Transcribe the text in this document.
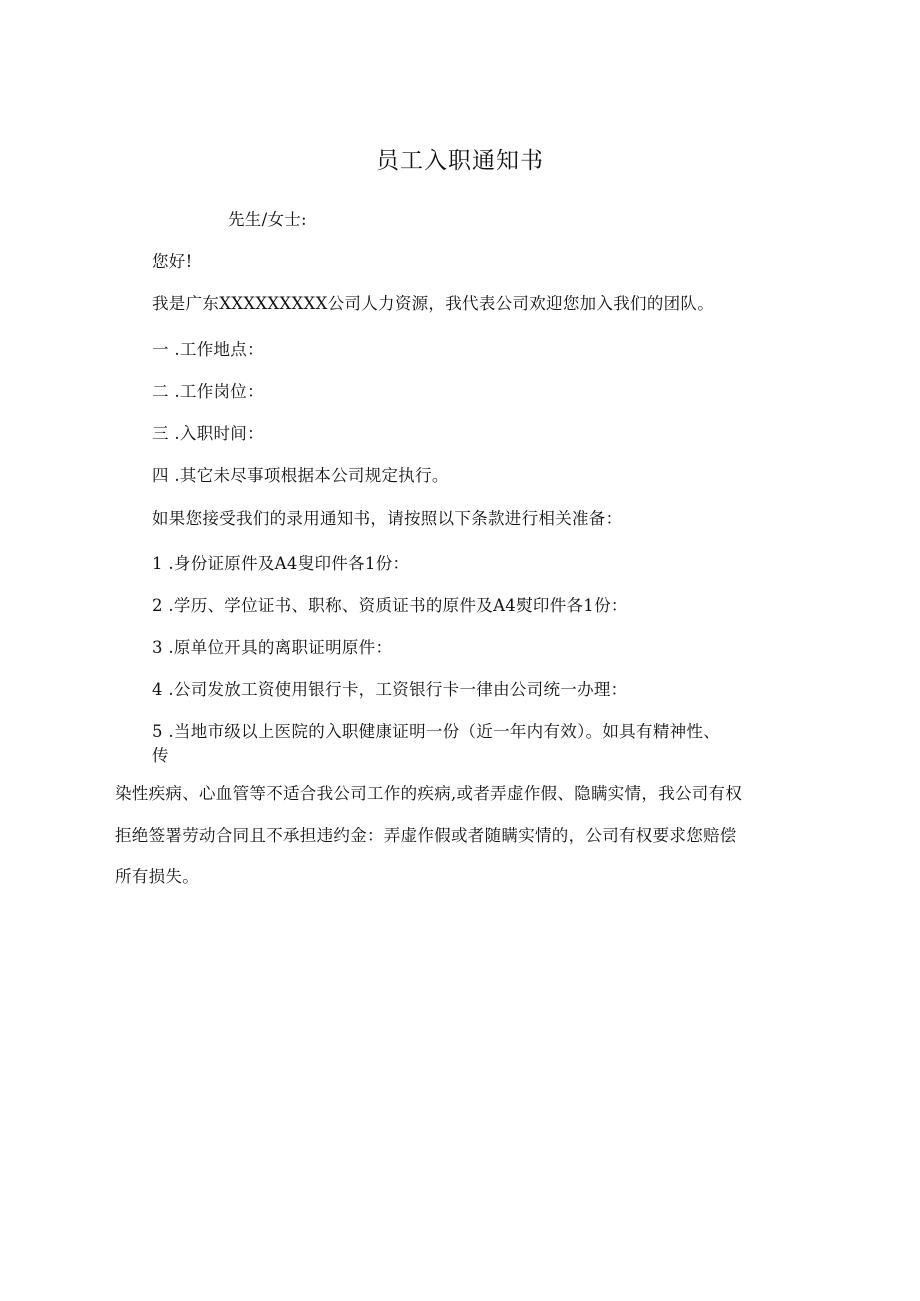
员工入职通知书
先生/女士:
您好!
我是广东XXXXXXXXX公司人力资源，我代表公司欢迎您加入我们的团队。
一 .工作地点：
二 .工作岗位：
三 .入职时间：
四 .其它未尽事项根据本公司规定执行。
如果您接受我们的录用通知书，请按照以下条款进行相关准备：
1 .身份证原件及A4叟印件各1份：
2 .学历、学位证书、职称、资质证书的原件及A4熨印件各1份：
3 .原单位开具的离职证明原件：
4 .公司发放工资使用银行卡，工资银行卡一律由公司统一办理：
5 .当地市级以上医院的入职健康证明一份（近一年内有效）。如具有精神性、
传
染性疾病、心血管等不适合我公司工作的疾病,或者弄虚作假、隐瞒实情，我公司有权
拒绝签署劳动合同且不承担违约金：弄虚作假或者随瞒实情的，公司有权要求您赔偿
所有损失。
